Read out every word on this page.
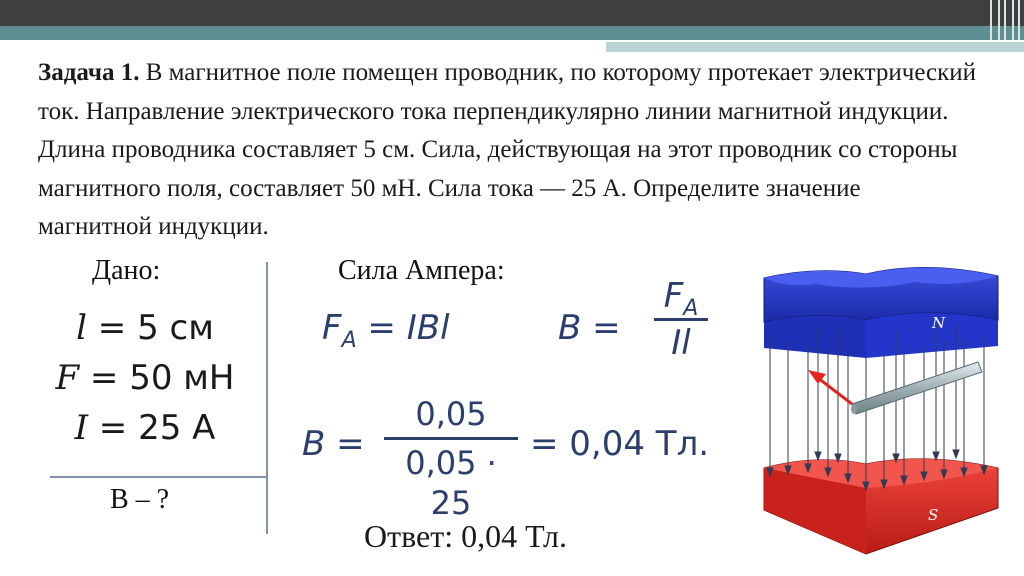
Задача 1. В магнитное поле помещен проводник, по которому протекает электрический ток. Направление электрического тока перпендикулярно линии магнитной индукции. Длина проводника составляет 5 см. Сила, действующая на этот проводник со стороны магнитного поля, составляет 50 мН. Сила тока — 25 А. Определите значение магнитной индукции.
Дано:	Сила Ампера:
l = 5 см
F = 50 мН
I = 25 А
B – ?
$F_A$ = IBl	B =
$F_A$
Il
B =
0,05
0,05 · 25
= 0,04 Тл.
Ответ: 0,04 Тл.
N
S
